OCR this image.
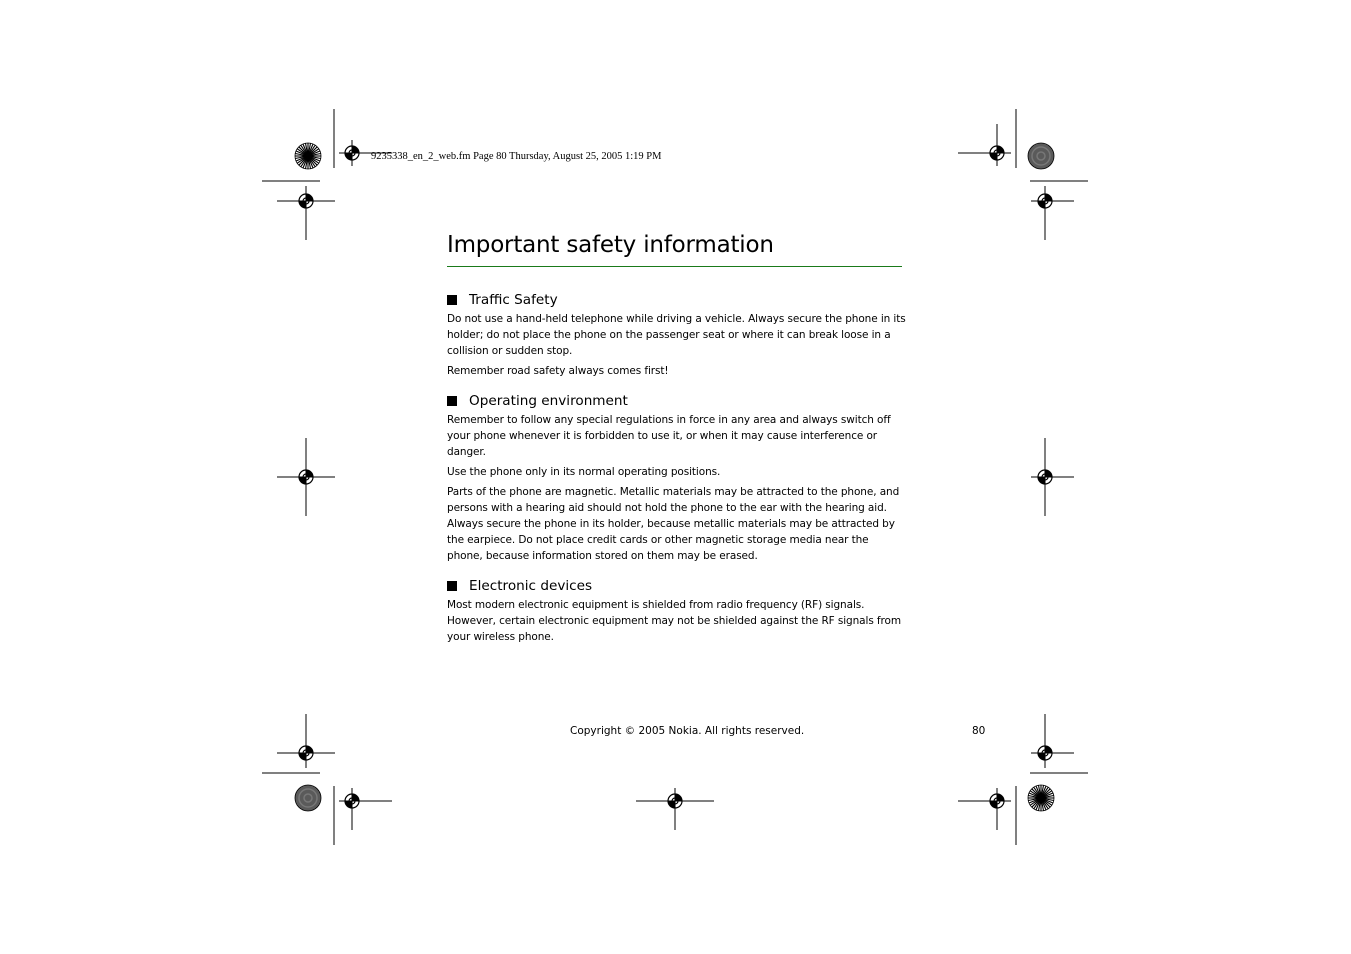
9235338_en_2_web.fm Page 80 Thursday, August 25, 2005 1:19 PM
Important safety information
Traffic Safety

Do not use a hand-held telephone while driving a vehicle. Always secure the phone in its holder; do not place the phone on the passenger seat or where it can break loose in a collision or sudden stop.

Remember road safety always comes first!

Operating environment

Remember to follow any special regulations in force in any area and always switch off your phone whenever it is forbidden to use it, or when it may cause interference or danger.

Use the phone only in its normal operating positions.

Parts of the phone are magnetic. Metallic materials may be attracted to the phone, and persons with a hearing aid should not hold the phone to the ear with the hearing aid. Always secure the phone in its holder, because metallic materials may be attracted by the earpiece. Do not place credit cards or other magnetic storage media near the phone, because information stored on them may be erased.

Electronic devices

Most modern electronic equipment is shielded from radio frequency (RF) signals. However, certain electronic equipment may not be shielded against the RF signals from your wireless phone.

Copyright © 2005 Nokia. All rights reserved.	80
